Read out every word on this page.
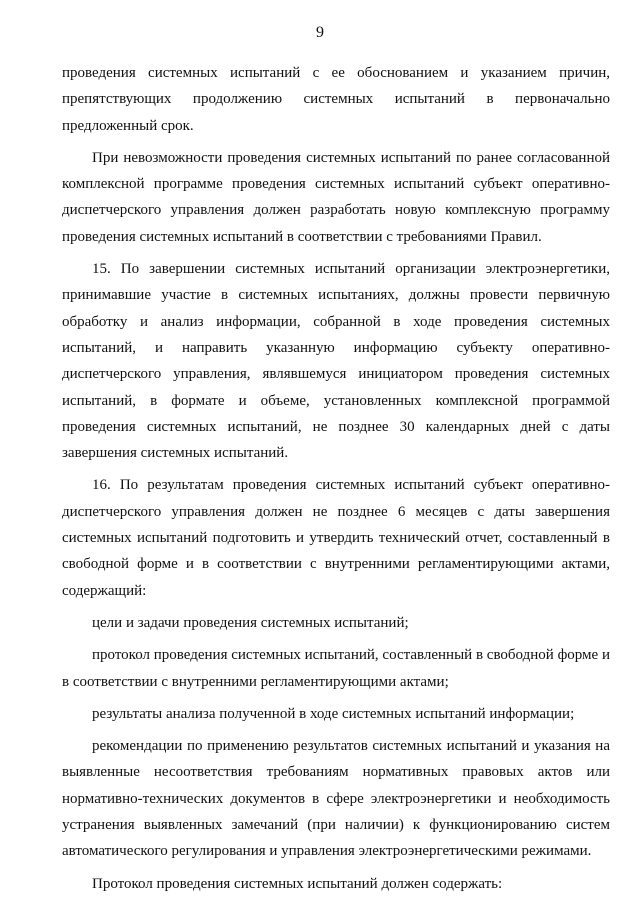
9

проведения системных испытаний с ее обоснованием и указанием причин, препятствующих продолжению системных испытаний в первоначально предложенный срок.

При невозможности проведения системных испытаний по ранее согласованной комплексной программе проведения системных испытаний субъект оперативно-диспетчерского управления должен разработать новую комплексную программу проведения системных испытаний в соответствии с требованиями Правил.

15. По завершении системных испытаний организации электроэнергетики, принимавшие участие в системных испытаниях, должны провести первичную обработку и анализ информации, собранной в ходе проведения системных испытаний, и направить указанную информацию субъекту оперативно-диспетчерского управления, являвшемуся инициатором проведения системных испытаний, в формате и объеме, установленных комплексной программой проведения системных испытаний, не позднее 30 календарных дней с даты завершения системных испытаний.

16. По результатам проведения системных испытаний субъект оперативно-диспетчерского управления должен не позднее 6 месяцев с даты завершения системных испытаний подготовить и утвердить технический отчет, составленный в свободной форме и в соответствии с внутренними регламентирующими актами, содержащий:

цели и задачи проведения системных испытаний;

протокол проведения системных испытаний, составленный в свободной форме и в соответствии с внутренними регламентирующими актами;

результаты анализа полученной в ходе системных испытаний информации;

рекомендации по применению результатов системных испытаний и указания на выявленные несоответствия требованиям нормативных правовых актов или нормативно-технических документов в сфере электроэнергетики и необходимость устранения выявленных замечаний (при наличии) к функционированию систем автоматического регулирования и управления электроэнергетическими режимами.

Протокол проведения системных испытаний должен содержать:
